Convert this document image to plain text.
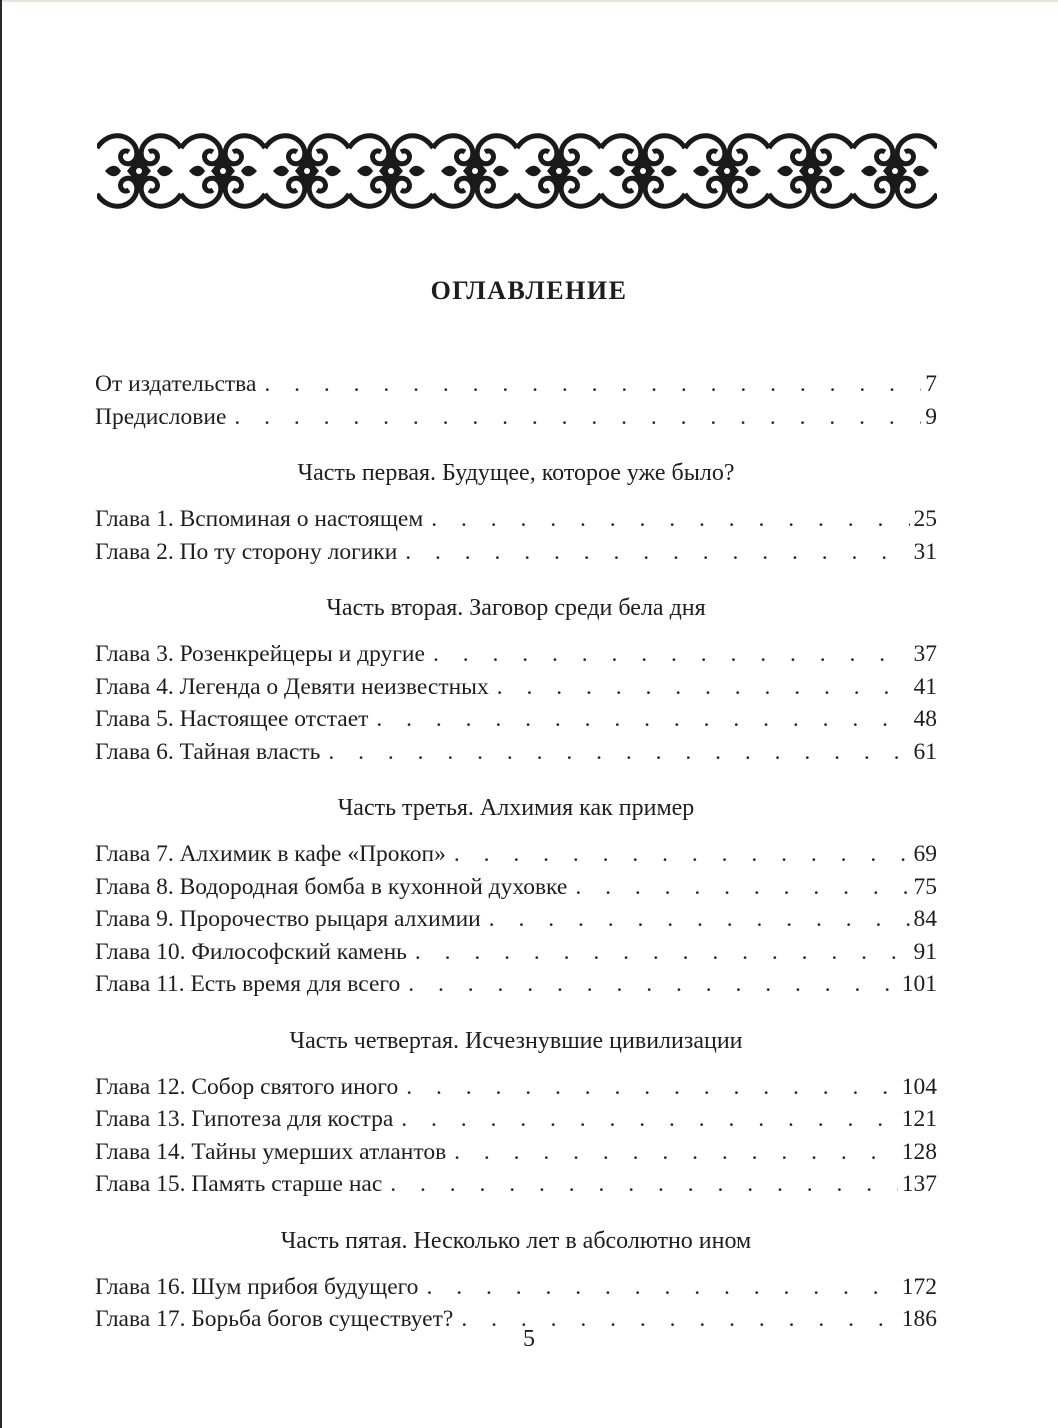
ОГЛАВЛЕНИЕ
От издательства . . .	7
Предисловие . . .	9
Часть первая. Будущее, которое уже было?
Глава 1. Вспоминая о настоящем . . .	25
Глава 2. По ту сторону логики . . .	31
Часть вторая. Заговор среди бела дня
Глава 3. Розенкрейцеры и другие . . .	37
Глава 4. Легенда о Девяти неизвестных . . .	41
Глава 5. Настоящее отстает . . .	48
Глава 6. Тайная власть . . .	61
Часть третья. Алхимия как пример
Глава 7. Алхимик в кафе «Прокоп» . . .	69
Глава 8. Водородная бомба в кухонной духовке . . .	75
Глава 9. Пророчество рыцаря алхимии . . .	84
Глава 10. Философский камень . . .	91
Глава 11. Есть время для всего . . .	101
Часть четвертая. Исчезнувшие цивилизации
Глава 12. Собор святого иного . . .	104
Глава 13. Гипотеза для костра . . .	121
Глава 14. Тайны умерших атлантов . . .	128
Глава 15. Память старше нас . . .	137
Часть пятая. Несколько лет в абсолютно ином
Глава 16. Шум прибоя будущего . . .	172
Глава 17. Борьба богов существует? . . .	186
5
